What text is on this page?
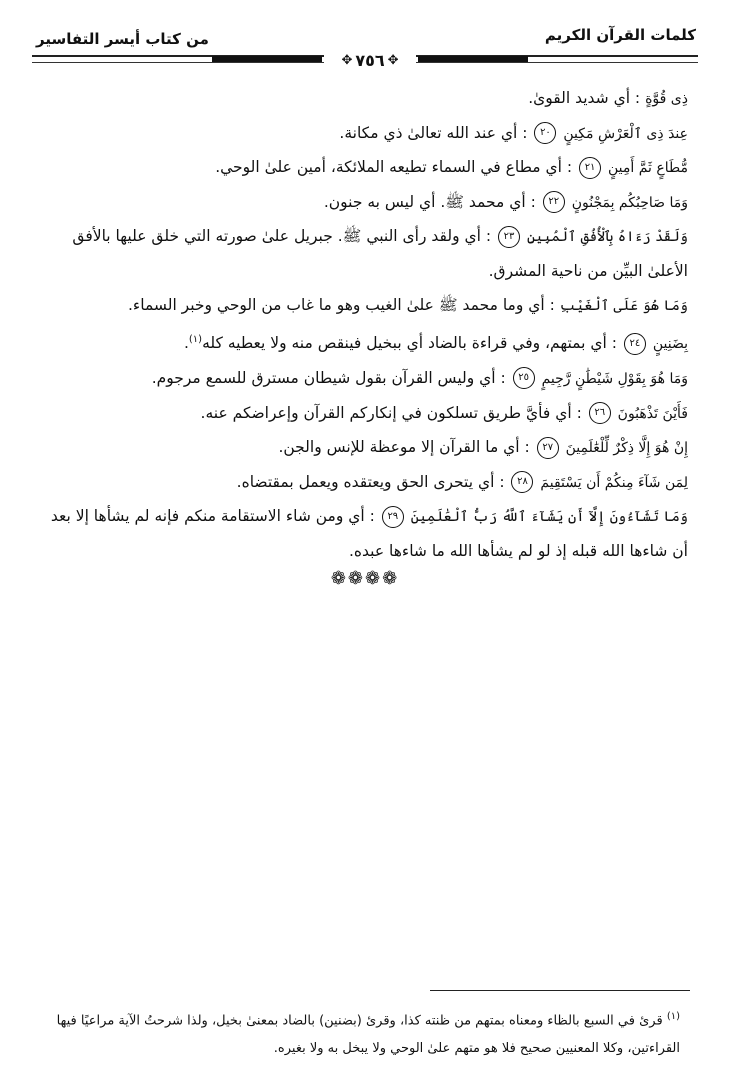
كلمات القرآن الكريم
من كتاب أيسر التفاسير
✥ ٧٥٦ ✥
ذِى قُوَّةٍ : أي شديد القوىٰ.
عِندَ ذِى ٱلْعَرْشِ مَكِينٍ ٢٠ : أي عند الله تعالىٰ ذي مكانة.
مُّطَاعٍ ثَمَّ أَمِينٍ ٢١ : أي مطاع في السماء تطيعه الملائكة، أمين علىٰ الوحي.
وَمَا صَاحِبُكُم بِمَجْنُونٍ ٢٢ : أي محمد ﷺ. أي ليس به جنون.
وَلَقَدْ رَءَاهُ بِٱلْأُفُقِ ٱلْمُبِينِ ٢٣ : أي ولقد رأى النبي ﷺ. جبريل علىٰ صورته التي خلق عليها بالأفق الأعلىٰ البيِّن من ناحية المشرق.
وَمَا هُوَ عَلَى ٱلْغَيْبِ : أي وما محمد ﷺ علىٰ الغيب وهو ما غاب من الوحي وخبر السماء.
بِضَنِينٍ ٢٤ : أي بمتهم، وفي قراءة بالضاد أي ببخيل فينقص منه ولا يعطيه كله$^{(١)}$.
وَمَا هُوَ بِقَوْلِ شَيْطَٰنٍ رَّجِيمٍ ٢٥ : أي وليس القرآن بقول شيطان مسترق للسمع مرجوم.
فَأَيْنَ تَذْهَبُونَ ٢٦ : أي فأيَّ طريق تسلكون في إنكاركم القرآن وإعراضكم عنه.
إِنْ هُوَ إِلَّا ذِكْرٌ لِّلْعَٰلَمِينَ ٢٧ : أي ما القرآن إلا موعظة للإنس والجن.
لِمَن شَآءَ مِنكُمْ أَن يَسْتَقِيمَ ٢٨ : أي يتحرى الحق ويعتقده ويعمل بمقتضاه.
وَمَا تَشَآءُونَ إِلَّآ أَن يَشَآءَ ٱللَّهُ رَبُّ ٱلْعَٰلَمِينَ ٢٩ : أي ومن شاء الاستقامة منكم فإنه لم يشأها إلا بعد أن شاءها الله قبله إذ لو لم يشأها الله ما شاءها عبده.
❁❁❁❁
$^{(١)}$ قرئ في السبع بالظاء ومعناه بمتهم من ظنته كذا، وقرئ (بضنين) بالضاد بمعنىٰ بخيل، ولذا شرحتُ الآية مراعيًا فيها القراءتين، وكلا المعنيين صحيح فلا هو متهم علىٰ الوحي ولا يبخل به ولا بغيره.
